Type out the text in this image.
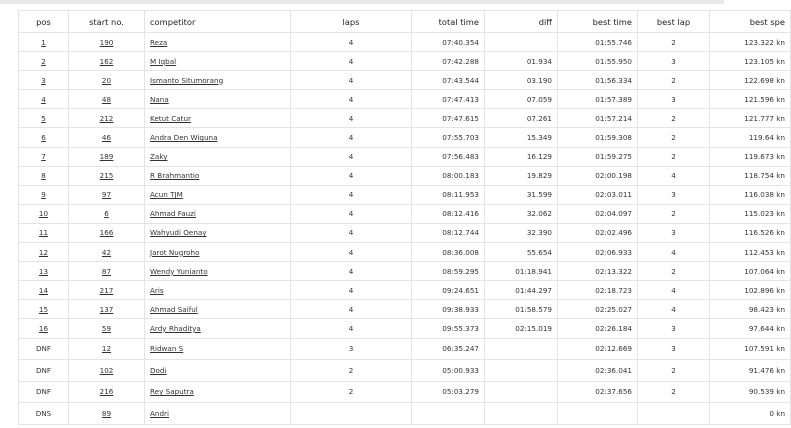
pos	start no.	competitor	laps	total time	diff	best time	best lap	best spe
1	190	Reza	4	07:40.354		01:55.746	2	123.322 kn
2	162	M Iqbal	4	07:42.288	01.934	01:55.950	3	123.105 kn
3	20	Ismanto Situmorang	4	07:43.544	03.190	01:56.334	2	122.698 kn
4	48	Nana	4	07:47.413	07.059	01:57.389	3	121.596 kn
5	212	Ketut Catur	4	07:47.615	07.261	01:57.214	2	121.777 kn
6	46	Andra Den Wiguna	4	07:55.703	15.349	01:59.308	2	119.64 kn
7	189	Zaky	4	07:56.483	16.129	01:59.275	2	119.673 kn
8	215	R Brahmantio	4	08:00.183	19.829	02:00.198	4	118.754 kn
9	97	Acun TJM	4	08:11.953	31.599	02:03.011	3	116.038 kn
10	6	Ahmad Fauzi	4	08:12.416	32.062	02:04.097	2	115.023 kn
11	166	Wahyudi Oenay	4	08:12.744	32.390	02:02.496	3	116.526 kn
12	42	Jarot Nugroho	4	08:36.008	55.654	02:06.933	4	112.453 kn
13	87	Wendy Yunianto	4	08:59.295	01:18.941	02:13.322	2	107.064 kn
14	217	Aris	4	09:24.651	01:44.297	02:18.723	4	102.896 kn
15	137	Ahmad Saiful	4	09:38.933	01:58.579	02:25.027	4	98.423 kn
16	59	Ardy Rhaditya	4	09:55.373	02:15.019	02:26.184	3	97.644 kn
DNF	12	Ridwan S	3	06:35.247		02:12.669	3	107.591 kn
DNF	102	Dodi	2	05:00.933		02:36.041	2	91.476 kn
DNF	216	Rey Saputra	2	05:03.279		02:37.656	2	90.539 kn
DNS	89	Andri						0 kn
